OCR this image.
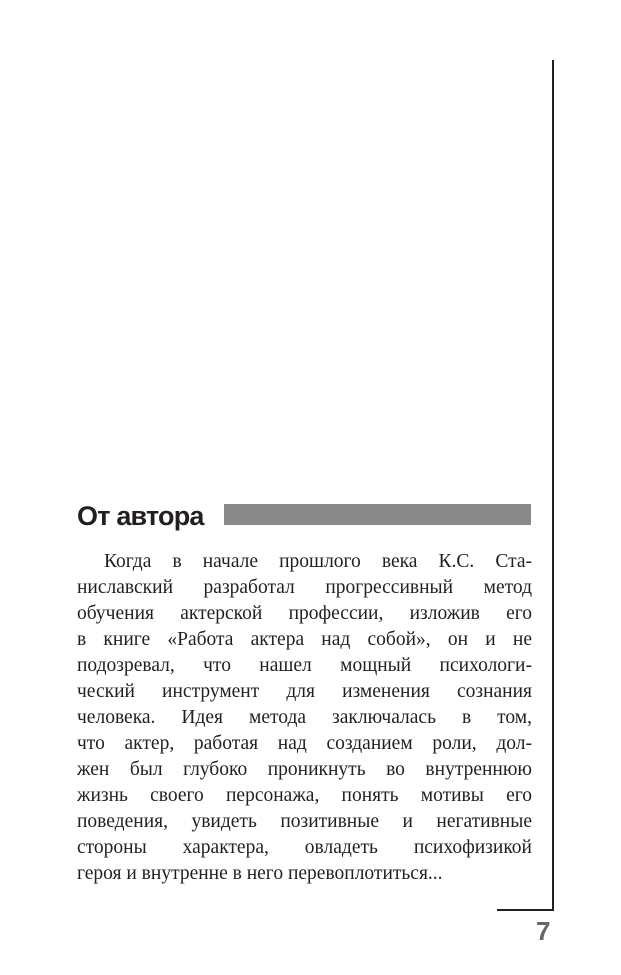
От автора
Когда в начале прошлого века К.С. Ста-
ниславский разработал прогрессивный метод
обучения актерской профессии, изложив его
в книге «Работа актера над собой», он и не
подозревал, что нашел мощный психологи-
ческий инструмент для изменения сознания
человека. Идея метода заключалась в том,
что актер, работая над созданием роли, дол-
жен был глубоко проникнуть во внутреннюю
жизнь своего персонажа, понять мотивы его
поведения, увидеть позитивные и негативные
стороны характера, овладеть психофизикой
героя и внутренне в него перевоплотиться...
7
